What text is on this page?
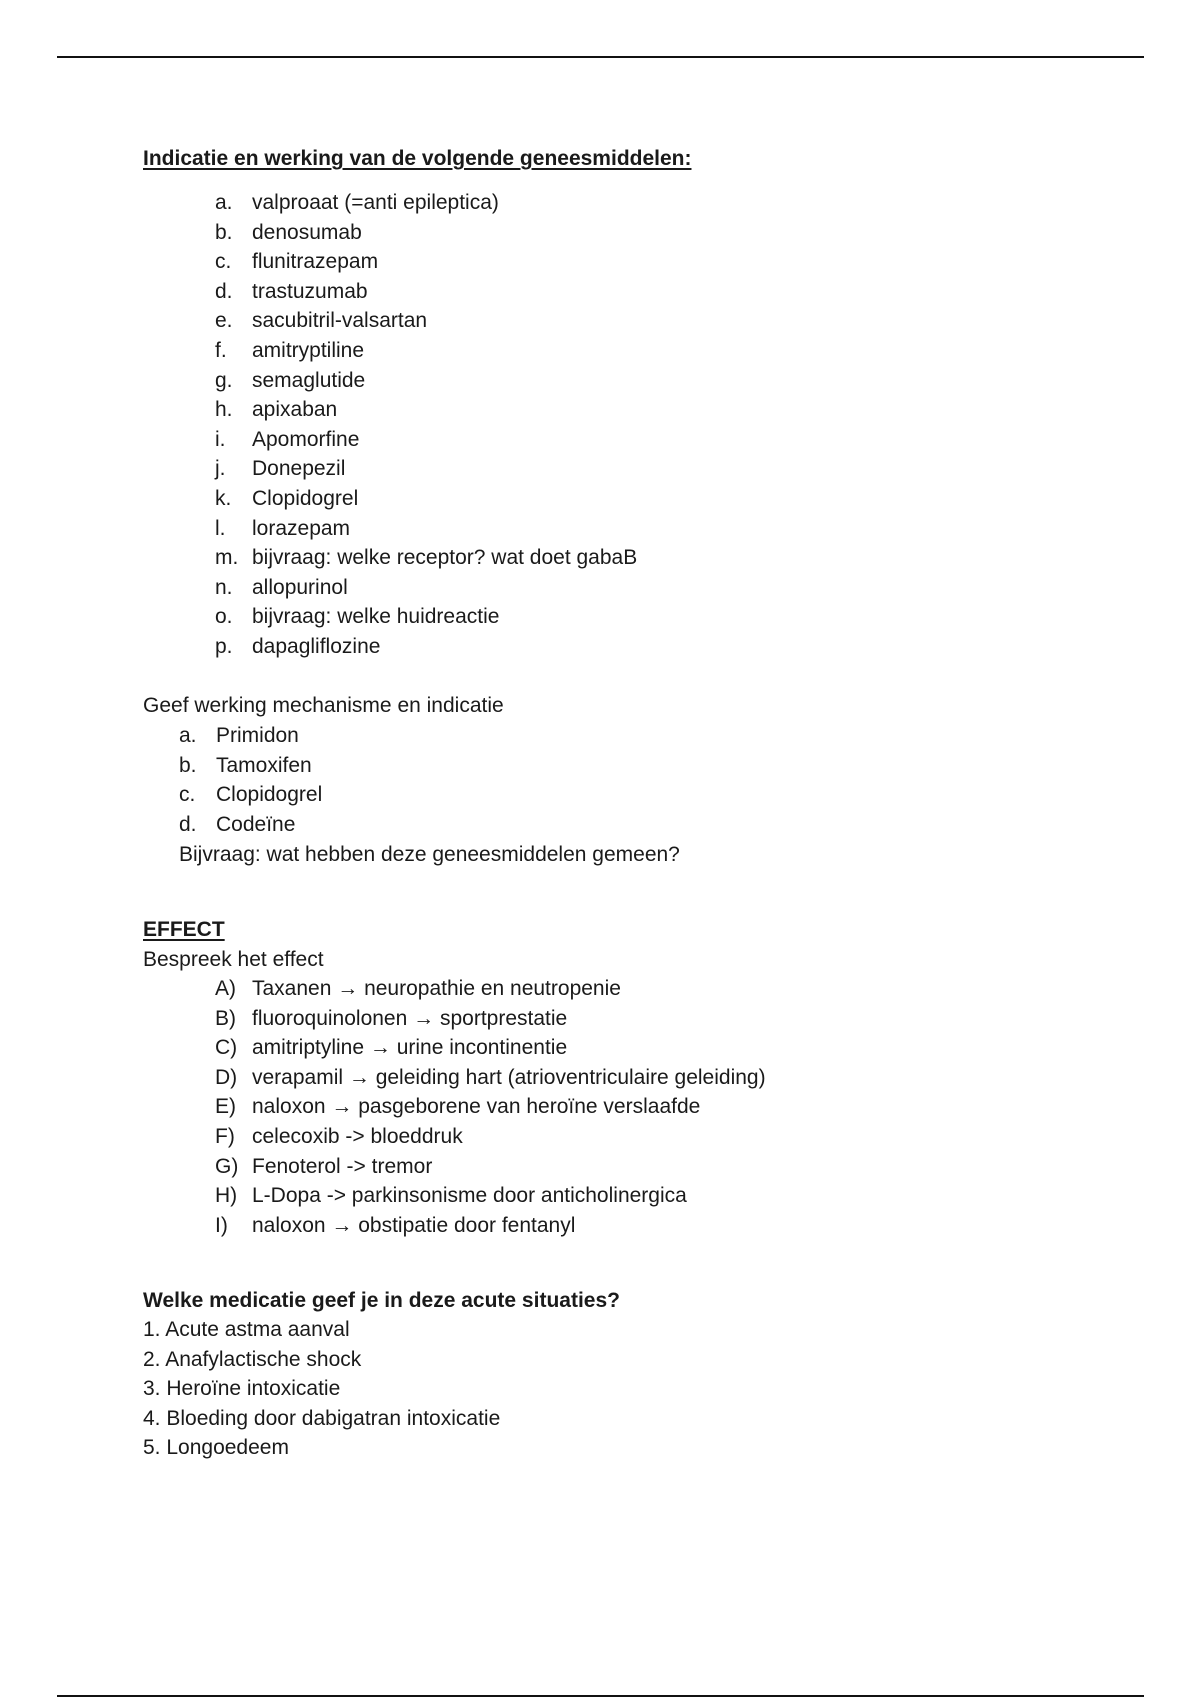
Indicatie en werking van de volgende geneesmiddelen:
a. valproaat (=anti epileptica)
b. denosumab
c. flunitrazepam
d. trastuzumab
e. sacubitril-valsartan
f. amitryptiline
g. semaglutide
h. apixaban
i. Apomorfine
j. Donepezil
k. Clopidogrel
l. lorazepam
m. bijvraag: welke receptor? wat doet gabaB
n. allopurinol
o. bijvraag: welke huidreactie
p. dapagliflozine
Geef werking mechanisme en indicatie
a. Primidon
b. Tamoxifen
c. Clopidogrel
d. Codeïne
Bijvraag: wat hebben deze geneesmiddelen gemeen?
EFFECT
Bespreek het effect
A) Taxanen → neuropathie en neutropenie
B) fluoroquinolonen → sportprestatie
C) amitriptyline → urine incontinentie
D) verapamil → geleiding hart (atrioventriculaire geleiding)
E) naloxon → pasgeborene van heroïne verslaafde
F) celecoxib -> bloeddruk
G) Fenoterol -> tremor
H) L-Dopa -> parkinsonisme door anticholinergica
I) naloxon → obstipatie door fentanyl
Welke medicatie geef je in deze acute situaties?
1. Acute astma aanval
2. Anafylactische shock
3. Heroïne intoxicatie
4. Bloeding door dabigatran intoxicatie
5. Longoedeem
